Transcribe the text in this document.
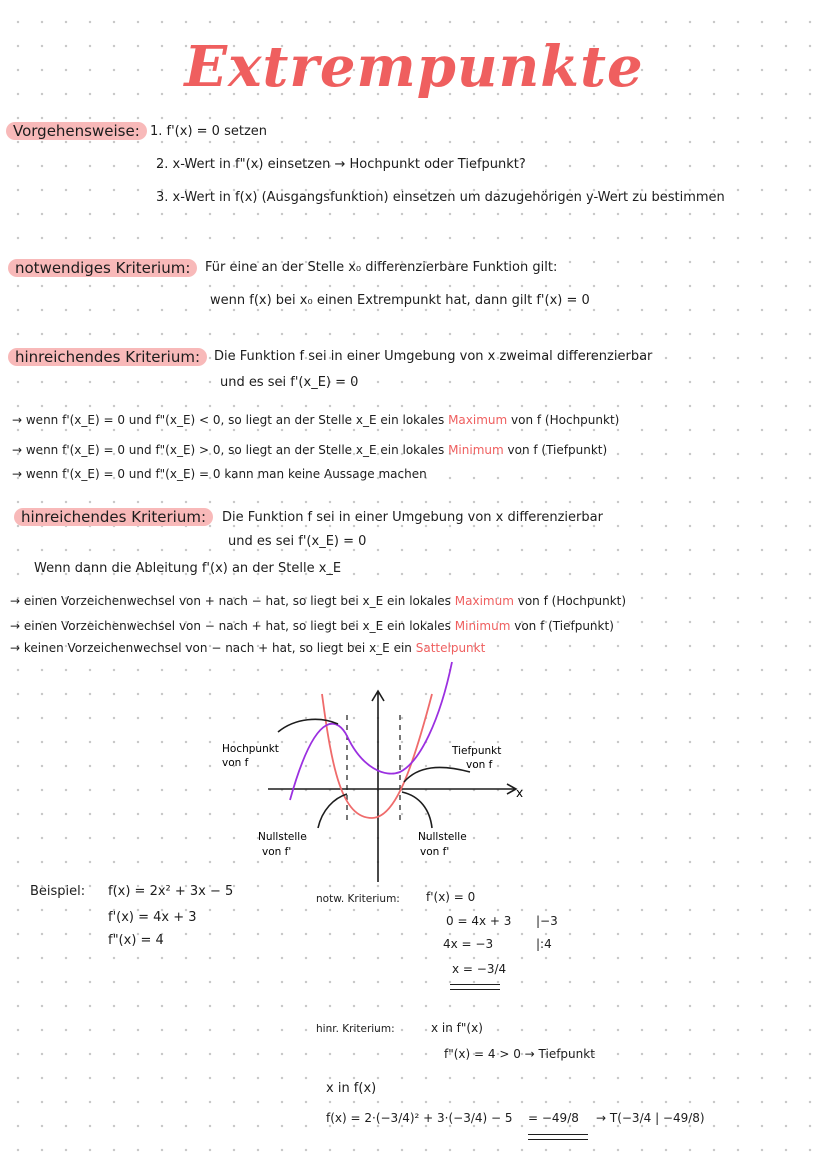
Extrempunkte
Vorgehensweise: 1. f'(x) = 0 setzen
2. x-Wert in f"(x) einsetzen → Hochpunkt oder Tiefpunkt?
3. x-Wert in f(x) (Ausgangsfunktion) einsetzen um dazugehörigen y-Wert zu bestimmen
notwendiges Kriterium:	Für eine an der Stelle x₀ differenzierbare Funktion gilt:
wenn f(x) bei x₀ einen Extrempunkt hat, dann gilt f'(x) = 0
hinreichendes Kriterium:	Die Funktion f sei in einer Umgebung von x zweimal differenzierbar
und es sei f'(x_E) = 0
→ wenn f'(x_E) = 0 und f"(x_E) < 0, so liegt an der Stelle x_E ein lokales Maximum von f (Hochpunkt)
→ wenn f'(x_E) = 0 und f"(x_E) > 0, so liegt an der Stelle x_E ein lokales Minimum von f (Tiefpunkt)
→ wenn f'(x_E) = 0 und f"(x_E) = 0 kann man keine Aussage machen
hinreichendes Kriterium:	Die Funktion f sei in einer Umgebung von x differenzierbar
und es sei f'(x_E) = 0
Wenn dann die Ableitung f'(x) an der Stelle x_E
→ einen Vorzeichenwechsel von + nach − hat, so liegt bei x_E ein lokales Maximum von f (Hochpunkt)
→ einen Vorzeichenwechsel von − nach + hat, so liegt bei x_E ein lokales Minimum von f (Tiefpunkt)
→ keinen Vorzeichenwechsel von − nach + hat, so liegt bei x_E ein Sattelpunkt
x
Hochpunkt
von f
Tiefpunkt
von f
Nullstelle
von f'
Nullstelle
von f'
Beispiel: f(x) = 2x² + 3x − 5
f'(x) = 4x + 3
f"(x) = 4
notw. Kriterium: f'(x) = 0
0 = 4x + 3 |−3
4x = −3	|:4
x = −3/4
hinr. Kriterium:	x in f"(x)
f"(x) = 4 > 0 → Tiefpunkt
x in f(x)
f(x) = 2·(−3/4)² + 3·(−3/4) − 5 = −49/8 → T(−3/4 | −49/8)
